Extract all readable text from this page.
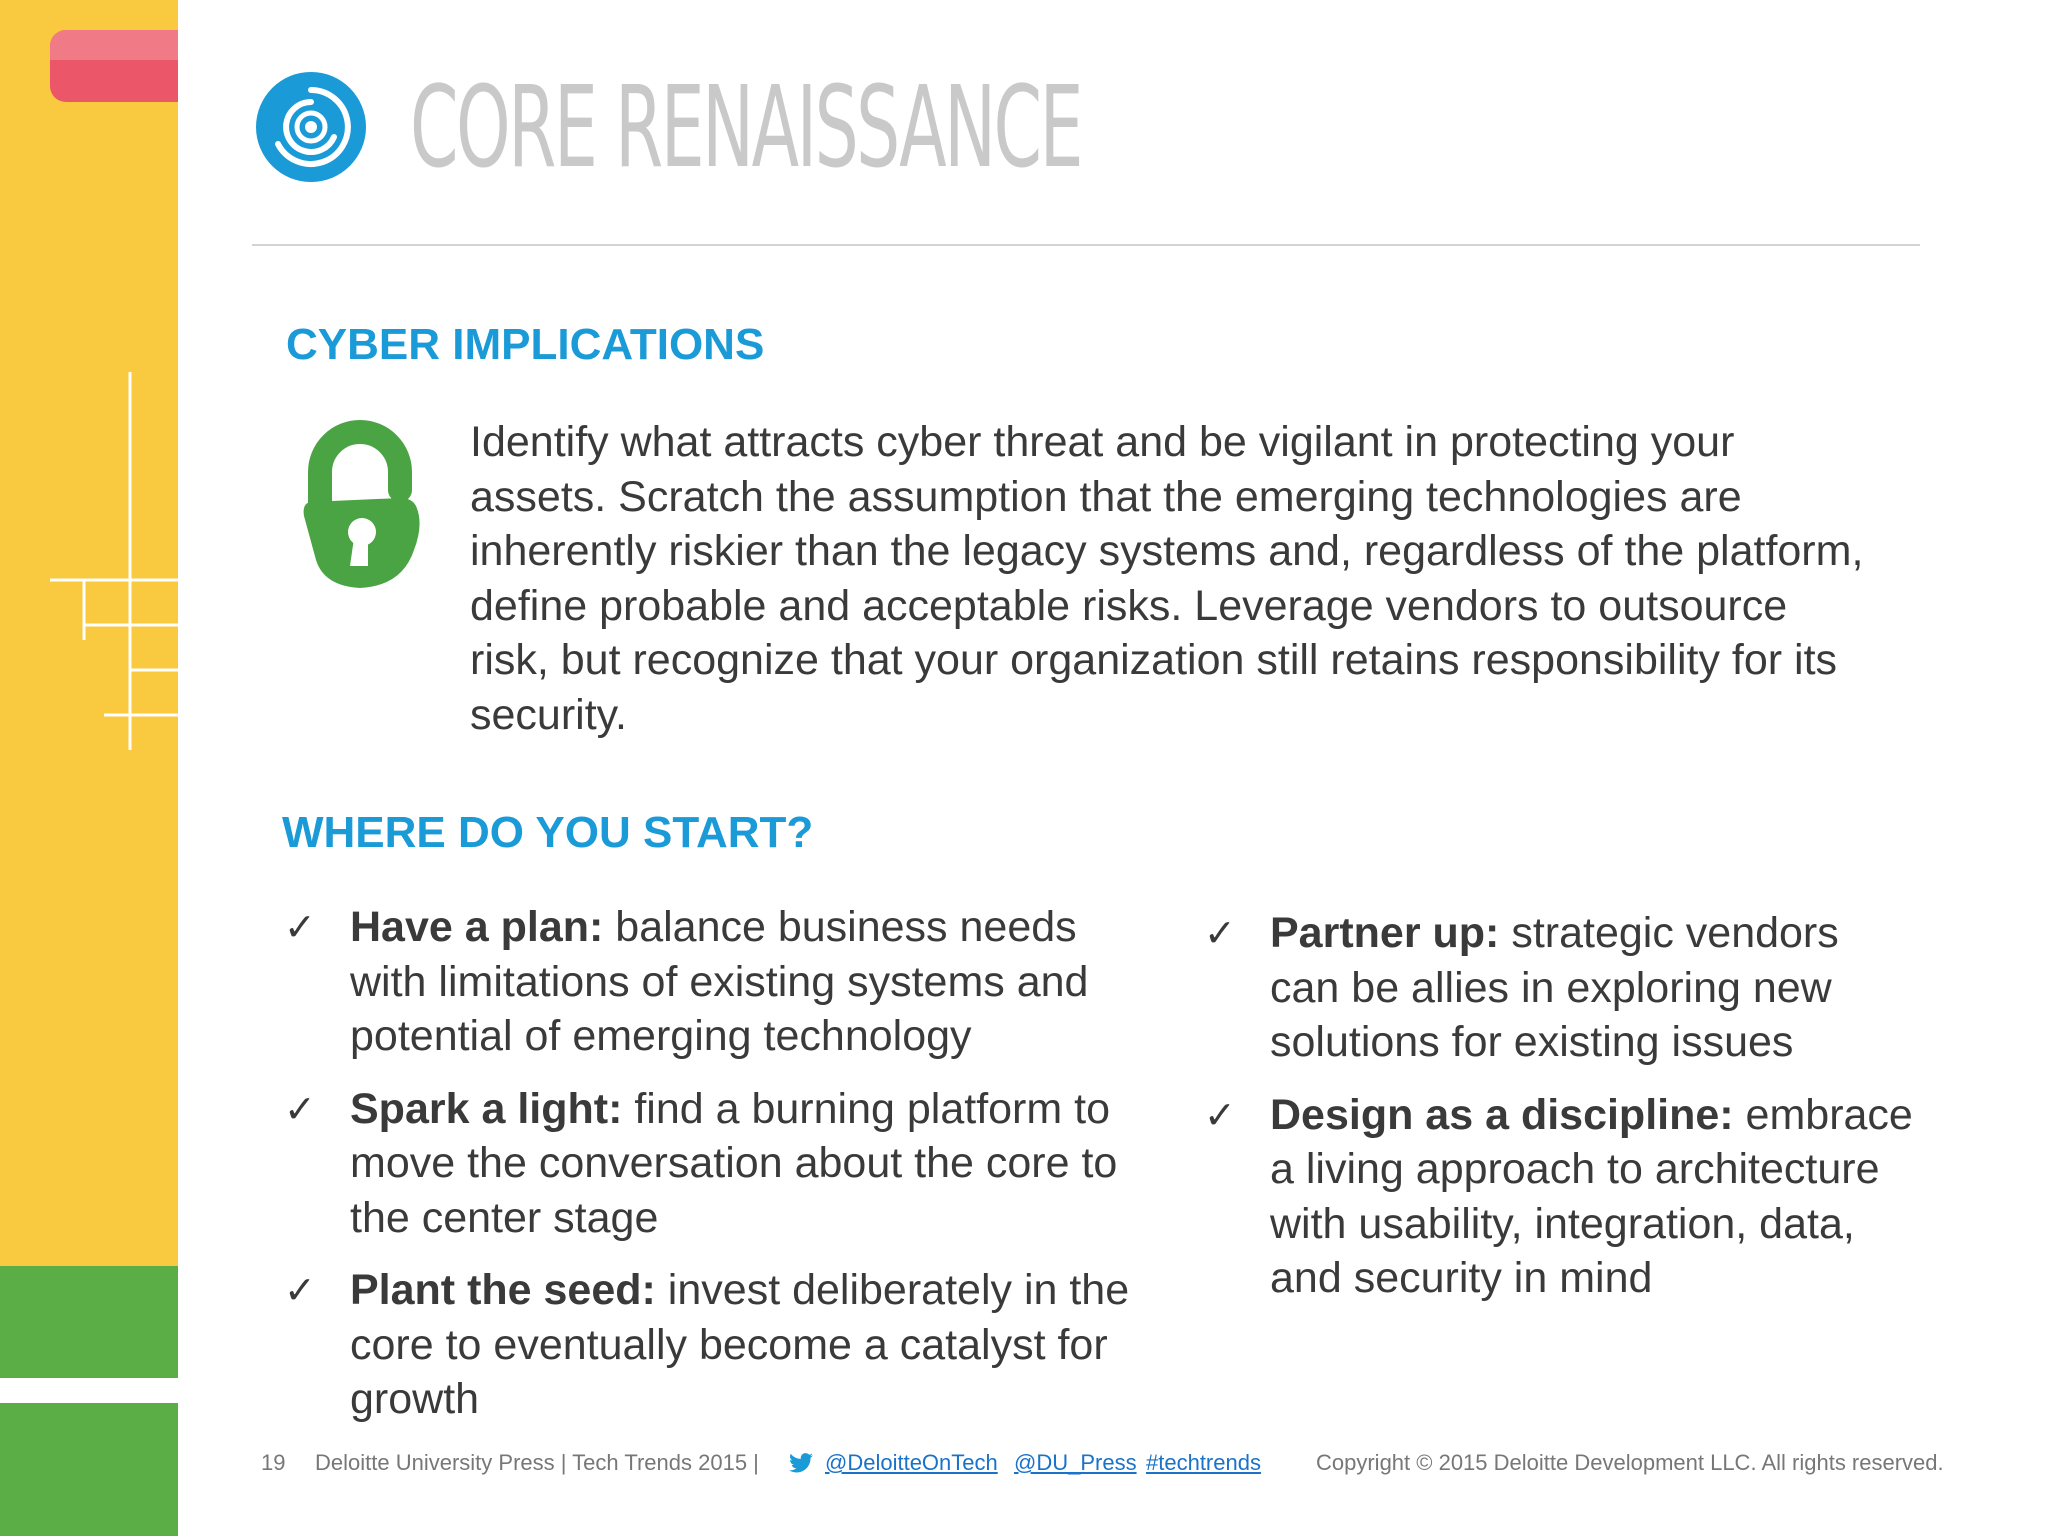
CORE RENAISSANCE
CYBER IMPLICATIONS

Identify what attracts cyber threat and be vigilant in protecting your assets. Scratch the assumption that the emerging technologies are inherently riskier than the legacy systems and, regardless of the platform, define probable and acceptable risks. Leverage vendors to outsource risk, but recognize that your organization still retains responsibility for its security.

WHERE DO YOU START?
✓ Have a plan: balance business needs with limitations of existing systems and potential of emerging technology
✓ Spark a light: find a burning platform to move the conversation about the core to the center stage
✓ Plant the seed: invest deliberately in the core to eventually become a catalyst for growth
✓ Partner up: strategic vendors can be allies in exploring new solutions for existing issues
✓ Design as a discipline: embrace a living approach to architecture with usability, integration, data, and security in mind
19 Deloitte University Press | Tech Trends 2015 |	@DeloitteOnTech @DU_Press #techtrends	Copyright © 2015 Deloitte Development LLC. All rights reserved.
